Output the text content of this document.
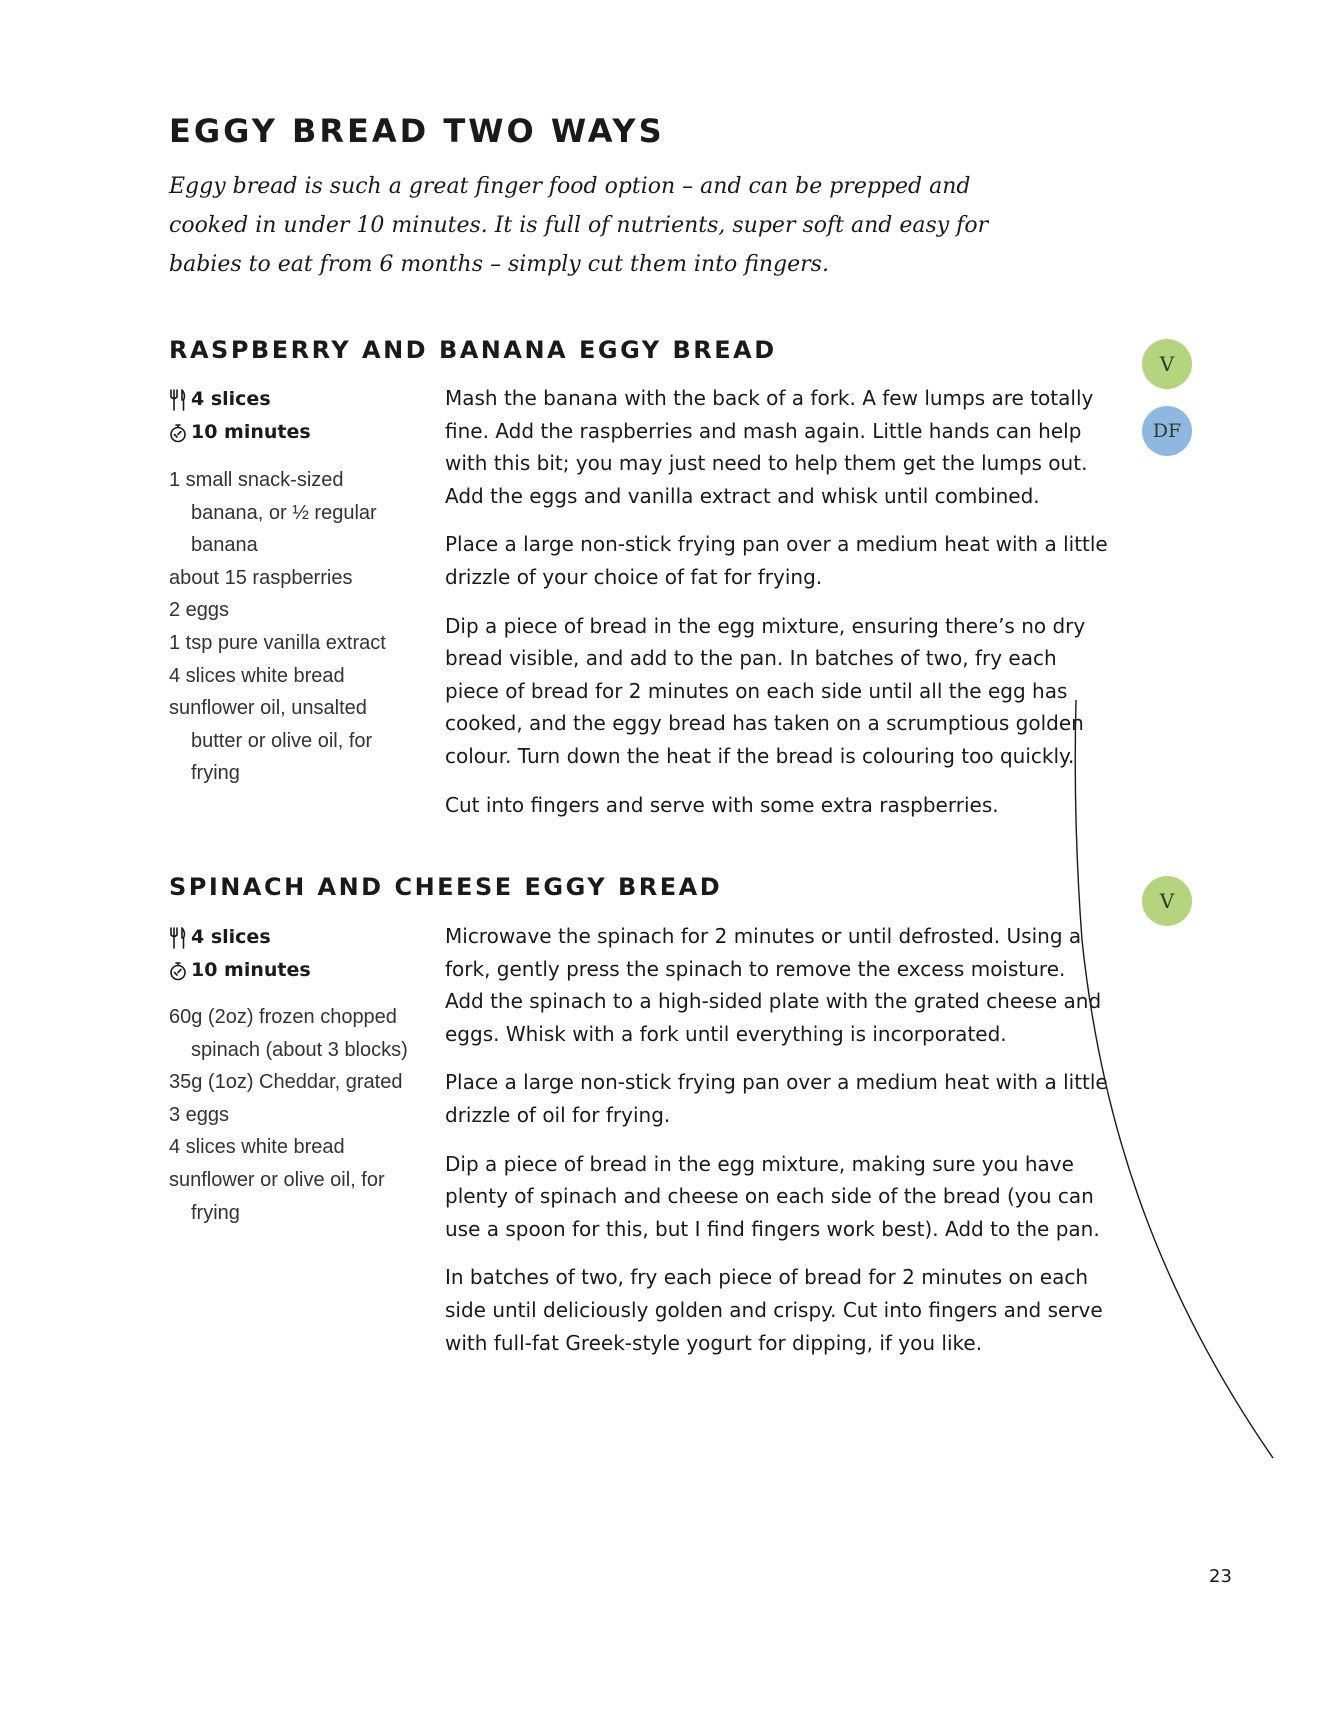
EGGY BREAD TWO WAYS

Eggy bread is such a great finger food option – and can be prepped and cooked in under 10 minutes. It is full of nutrients, super soft and easy for babies to eat from 6 months – simply cut them into fingers.

RASPBERRY AND BANANA EGGY BREAD
4 slices
10 minutes
1 small snack-sized banana, or ½ regular banana
about 15 raspberries
2 eggs
1 tsp pure vanilla extract
4 slices white bread
sunflower oil, unsalted butter or olive oil, for frying

Mash the banana with the back of a fork. A few lumps are totally fine. Add the raspberries and mash again. Little hands can help with this bit; you may just need to help them get the lumps out. Add the eggs and vanilla extract and whisk until combined.

Place a large non-stick frying pan over a medium heat with a little drizzle of your choice of fat for frying.

Dip a piece of bread in the egg mixture, ensuring there’s no dry bread visible, and add to the pan. In batches of two, fry each piece of bread for 2 minutes on each side until all the egg has cooked, and the eggy bread has taken on a scrumptious golden colour. Turn down the heat if the bread is colouring too quickly.

Cut into fingers and serve with some extra raspberries.

V
DF
SPINACH AND CHEESE EGGY BREAD
4 slices
10 minutes
60g (2oz) frozen chopped spinach (about 3 blocks)
35g (1oz) Cheddar, grated
3 eggs
4 slices white bread
sunflower or olive oil, for frying

Microwave the spinach for 2 minutes or until defrosted. Using a fork, gently press the spinach to remove the excess moisture. Add the spinach to a high-sided plate with the grated cheese and eggs. Whisk with a fork until everything is incorporated.

Place a large non-stick frying pan over a medium heat with a little drizzle of oil for frying.

Dip a piece of bread in the egg mixture, making sure you have plenty of spinach and cheese on each side of the bread (you can use a spoon for this, but I find fingers work best). Add to the pan.

In batches of two, fry each piece of bread for 2 minutes on each side until deliciously golden and crispy. Cut into fingers and serve with full-fat Greek-style yogurt for dipping, if you like.

V
23
